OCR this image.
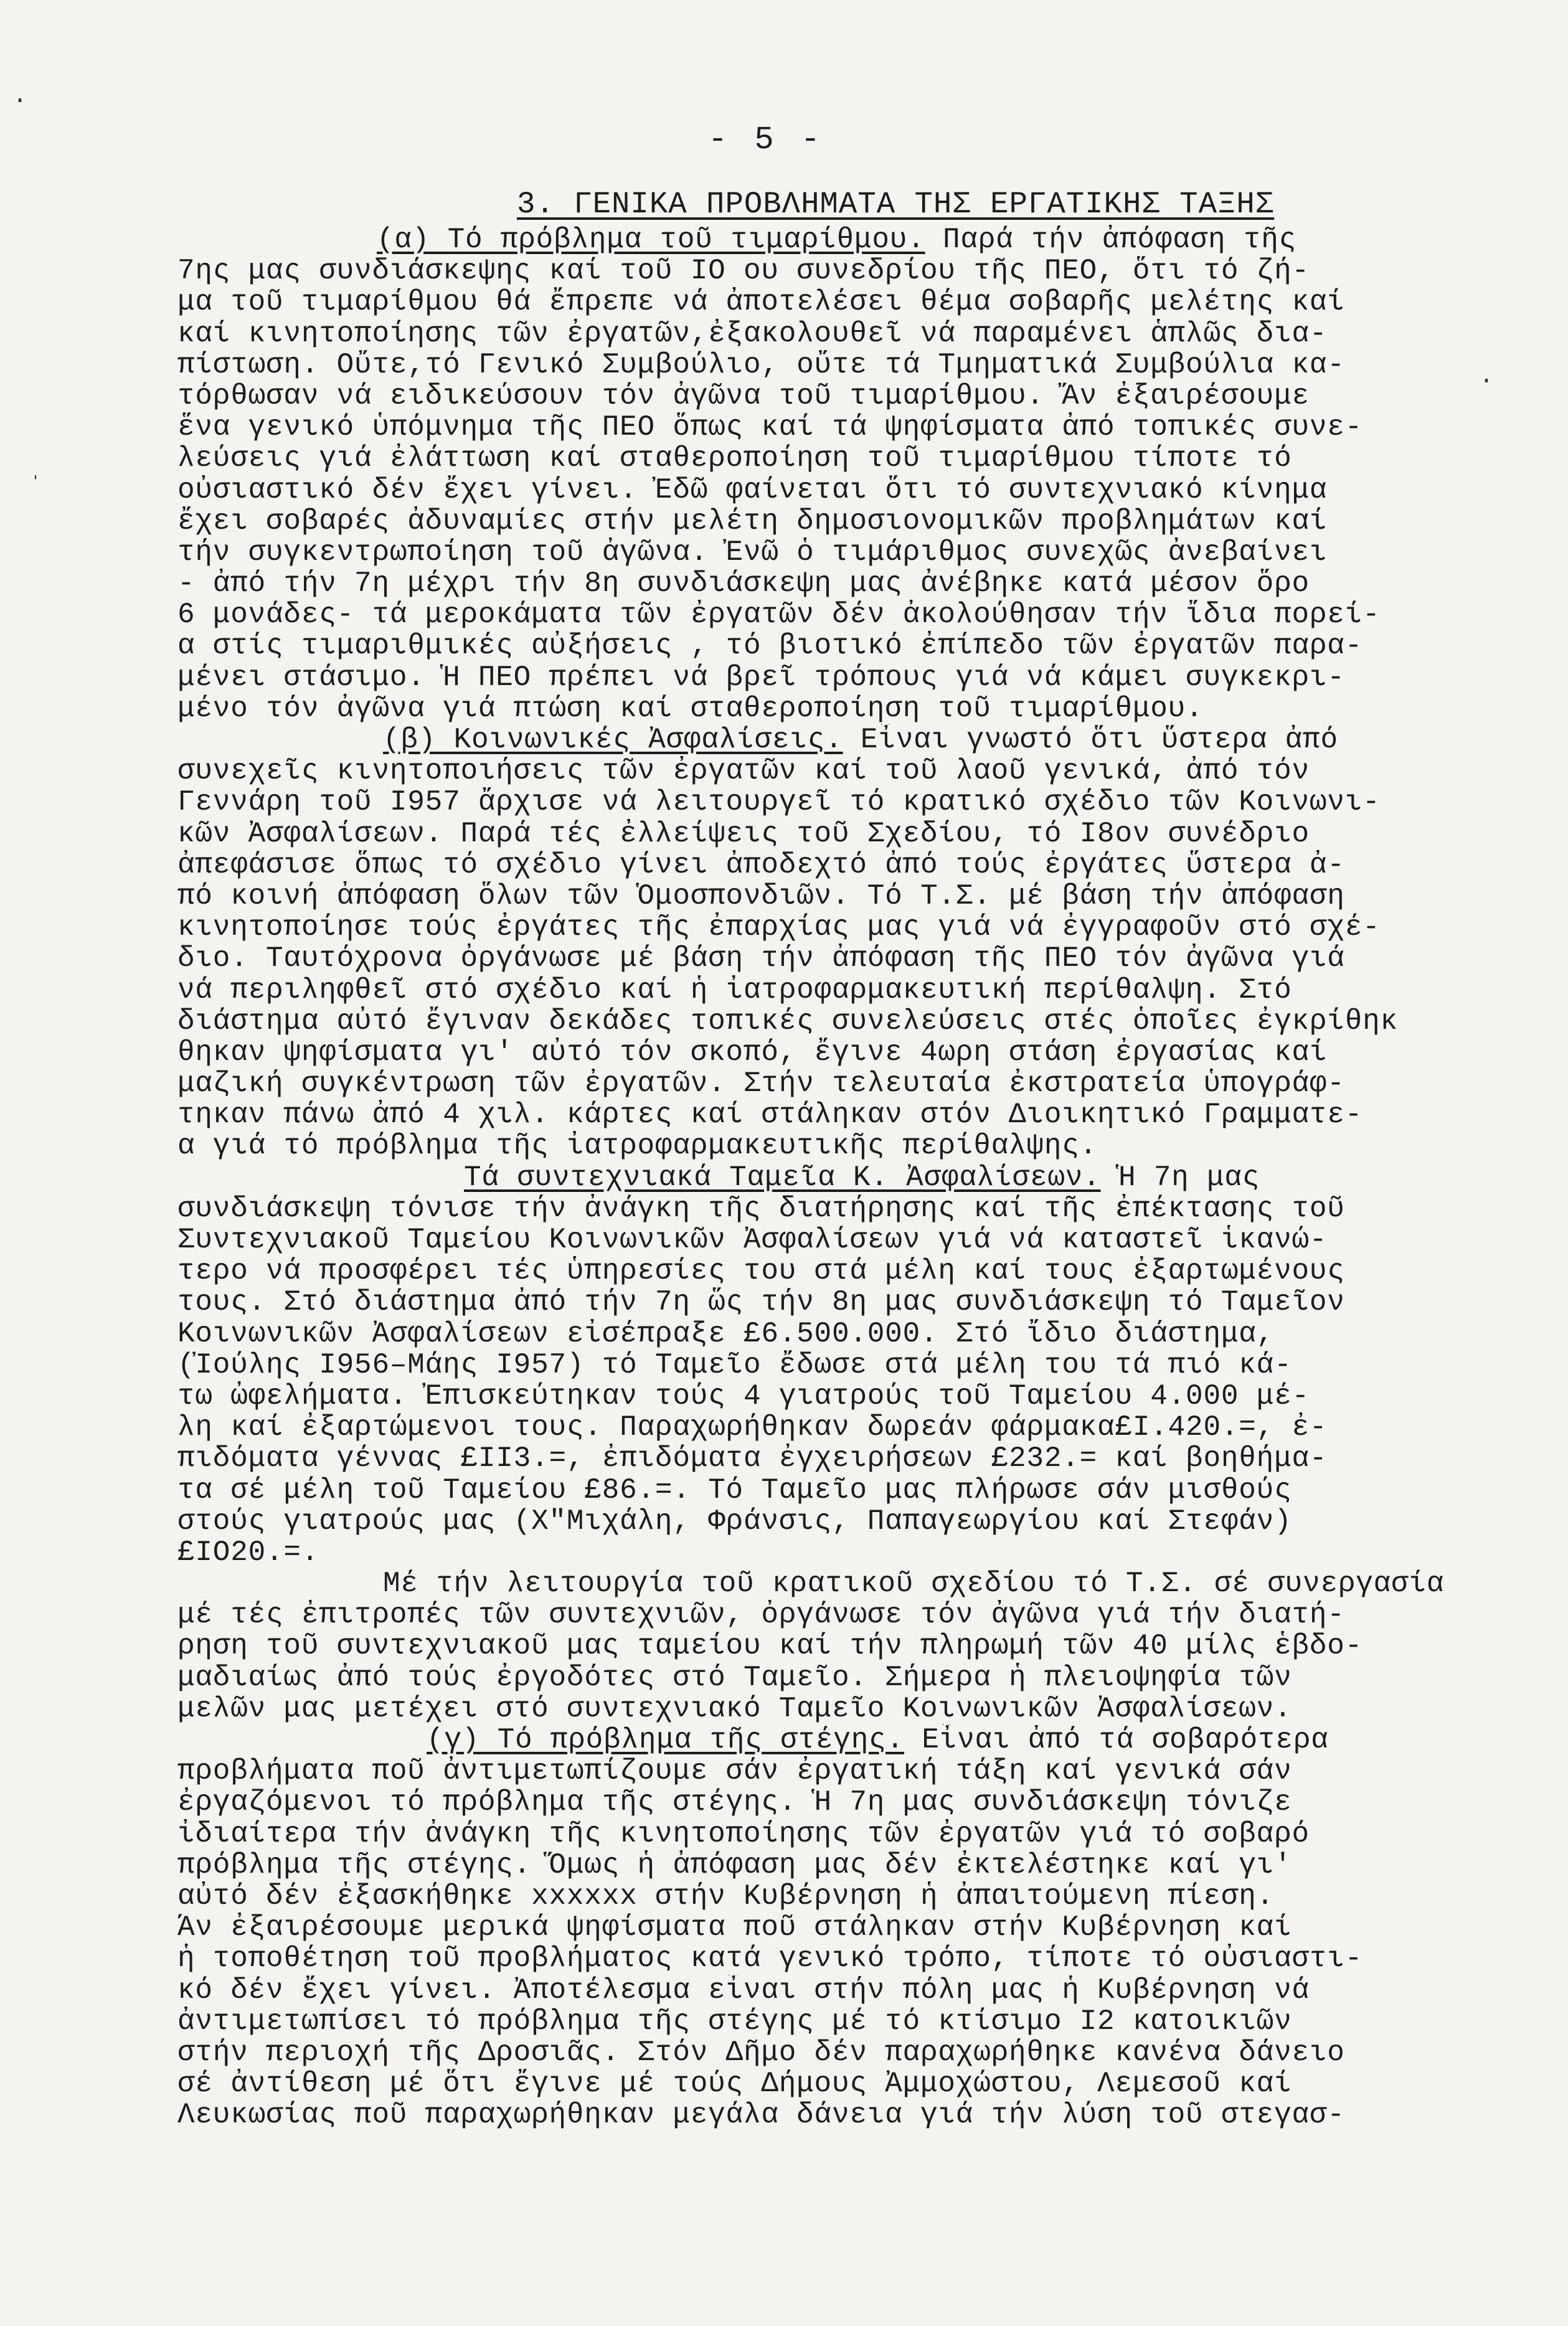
- 5 -
3. ΓΕΝΙΚΑ ΠΡΟΒΛΗΜΑΤΑ ΤΗΣ ΕΡΓΑΤΙΚΗΣ ΤΑΞΗΣ
(α) Τό πρόβλημα τοῦ τιμαρίθμου. Παρά τήν ἀπόφαση τῆς
7ης μας συνδιάσκεψης καί τοῦ ΙΟ ου συνεδρίου τῆς ΠΕΟ, ὅτι τό ζή-
μα τοῦ τιμαρίθμου θά ἔπρεπε νά ἀποτελέσει θέμα σοβαρῆς μελέτης καί
καί κινητοποίησης τῶν ἐργατῶν,ἐξακολουθεῖ νά παραμένει ἁπλῶς δια-
πίστωση. Οὔτε,τό Γενικό Συμβούλιο, οὔτε τά Τμηματικά Συμβούλια κα-
τόρθωσαν νά ειδικεύσουν τόν ἀγῶνα τοῦ τιμαρίθμου. Ἄν ἐξαιρέσουμε
ἕνα γενικό ὑπόμνημα τῆς ΠΕΟ ὅπως καί τά ψηφίσματα ἀπό τοπικές συνε-
λεύσεις γιά ἐλάττωση καί σταθεροποίηση τοῦ τιμαρίθμου τίποτε τό
οὐσιαστικό δέν ἔχει γίνει. Ἐδῶ φαίνεται ὅτι τό συντεχνιακό κίνημα
ἔχει σοβαρές ἀδυναμίες στήν μελέτη δημοσιονομικῶν προβλημάτων καί
τήν συγκεντρωποίηση τοῦ ἀγῶνα. Ἐνῶ ὁ τιμάριθμος συνεχῶς ἀνεβαίνει
- ἀπό τήν 7η μέχρι τήν 8η συνδιάσκεψη μας ἀνέβηκε κατά μέσον ὅρο
6 μονάδες- τά μεροκάματα τῶν ἐργατῶν δέν ἀκολούθησαν τήν ἴδια πορεί-
α στίς τιμαριθμικές αὐξήσεις , τό βιοτικό ἐπίπεδο τῶν ἐργατῶν παρα-
μένει στάσιμο. Ἡ ΠΕΟ πρέπει νά βρεῖ τρόπους γιά νά κάμει συγκεκρι-
μένο τόν ἀγῶνα γιά πτώση καί σταθεροποίηση τοῦ τιμαρίθμου.
(β) Κοινωνικές Ἀσφαλίσεις. Εἶναι γνωστό ὅτι ὕστερα ἀπό
συνεχεῖς κινητοποιήσεις τῶν ἐργατῶν καί τοῦ λαοῦ γενικά, ἀπό τόν
Γεννάρη τοῦ Ι957 ἄρχισε νά λειτουργεῖ τό κρατικό σχέδιο τῶν Κοινωνι-
κῶν Ἀσφαλίσεων. Παρά τές ἐλλείψεις τοῦ Σχεδίου, τό Ι8ον συνέδριο
ἀπεφάσισε ὅπως τό σχέδιο γίνει ἀποδεχτό ἀπό τούς ἐργάτες ὕστερα ἀ-
πό κοινή ἀπόφαση ὅλων τῶν Ὁμοσπονδιῶν. Τό Τ.Σ. μέ βάση τήν ἀπόφαση
κινητοποίησε τούς ἐργάτες τῆς ἐπαρχίας μας γιά νά ἐγγραφοῦν στό σχέ-
διο. Ταυτόχρονα ὀργάνωσε μέ βάση τήν ἀπόφαση τῆς ΠΕΟ τόν ἀγῶνα γιά
νά περιληφθεῖ στό σχέδιο καί ἡ ἰατροφαρμακευτική περίθαλψη. Στό
διάστημα αὐτό ἔγιναν δεκάδες τοπικές συνελεύσεις στές ὁποῖες ἐγκρίθηκ
θηκαν ψηφίσματα γι' αὐτό τόν σκοπό, ἔγινε 4ωρη στάση ἐργασίας καί
μαζική συγκέντρωση τῶν ἐργατῶν. Στήν τελευταία ἐκστρατεία ὑπογράφ-
τηκαν πάνω ἀπό 4 χιλ. κάρτες καί στάληκαν στόν Διοικητικό Γραμματε-
α γιά τό πρόβλημα τῆς ἰατροφαρμακευτικῆς περίθαλψης.
Τά συντεχνιακά Ταμεῖα Κ. Ἀσφαλίσεων. Ἡ 7η μας
συνδιάσκεψη τόνισε τήν ἀνάγκη τῆς διατήρησης καί τῆς ἐπέκτασης τοῦ
Συντεχνιακοῦ Ταμείου Κοινωνικῶν Ἀσφαλίσεων γιά νά καταστεῖ ἱκανώ-
τερο νά προσφέρει τές ὑπηρεσίες του στά μέλη καί τους ἐξαρτωμένους
τους. Στό διάστημα ἀπό τήν 7η ὥς τήν 8η μας συνδιάσκεψη τό Ταμεῖον
Κοινωνικῶν Ἀσφαλίσεων εἰσέπραξε £6.500.000. Στό ἴδιο διάστημα,
(Ἰούλης Ι956–Μάης Ι957) τό Ταμεῖο ἔδωσε στά μέλη του τά πιό κά-
τω ὠφελήματα. Ἐπισκεύτηκαν τούς 4 γιατρούς τοῦ Ταμείου 4.000 μέ-
λη καί ἐξαρτώμενοι τους. Παραχωρήθηκαν δωρεάν φάρμακα£Ι.420.=, ἐ-
πιδόματα γέννας £ΙΙ3.=, ἐπιδόματα ἐγχειρήσεων £232.= καί βοηθήμα-
τα σέ μέλη τοῦ Ταμείου £86.=. Τό Ταμεῖο μας πλήρωσε σάν μισθούς
στούς γιατρούς μας (Χ"Μιχάλη, Φράνσις, Παπαγεωργίου καί Στεφάν)
£ΙΟ20.=.
Μέ τήν λειτουργία τοῦ κρατικοῦ σχεδίου τό Τ.Σ. σέ συνεργασία
μέ τές ἐπιτροπές τῶν συντεχνιῶν, ὀργάνωσε τόν ἀγῶνα γιά τήν διατή-
ρηση τοῦ συντεχνιακοῦ μας ταμείου καί τήν πληρωμή τῶν 40 μίλς ἑβδο-
μαδιαίως ἀπό τούς ἐργοδότες στό Ταμεῖο. Σήμερα ἡ πλειοψηφία τῶν
μελῶν μας μετέχει στό συντεχνιακό Ταμεῖο Κοινωνικῶν Ἀσφαλίσεων.
(γ) Τό πρόβλημα τῆς στέγης. Εἶναι ἀπό τά σοβαρότερα
προβλήματα ποῦ ἀντιμετωπίζουμε σάν ἐργατική τάξη καί γενικά σάν
ἐργαζόμενοι τό πρόβλημα τῆς στέγης. Ἡ 7η μας συνδιάσκεψη τόνιζε
ἰδιαίτερα τήν ἀνάγκη τῆς κινητοποίησης τῶν ἐργατῶν γιά τό σοβαρό
πρόβλημα τῆς στέγης. Ὅμως ἡ ἀπόφαση μας δέν ἐκτελέστηκε καί γι'
αὐτό δέν ἐξασκήθηκε xxxxxx στήν Κυβέρνηση ἡ ἀπαιτούμενη πίεση.
Ἄν ἐξαιρέσουμε μερικά ψηφίσματα ποῦ στάληκαν στήν Κυβέρνηση καί
ἡ τοποθέτηση τοῦ προβλήματος κατά γενικό τρόπο, τίποτε τό οὐσιαστι-
κό δέν ἔχει γίνει. Ἀποτέλεσμα εἶναι στήν πόλη μας ἡ Κυβέρνηση νά
ἀντιμετωπίσει τό πρόβλημα τῆς στέγης μέ τό κτίσιμο Ι2 κατοικιῶν
στήν περιοχή τῆς Δροσιᾶς. Στόν Δῆμο δέν παραχωρήθηκε κανένα δάνειο
σέ ἀντίθεση μέ ὅτι ἔγινε μέ τούς Δήμους Ἀμμοχώστου, Λεμεσοῦ καί
Λευκωσίας ποῦ παραχωρήθηκαν μεγάλα δάνεια γιά τήν λύση τοῦ στεγασ-
·
·
ˈ
